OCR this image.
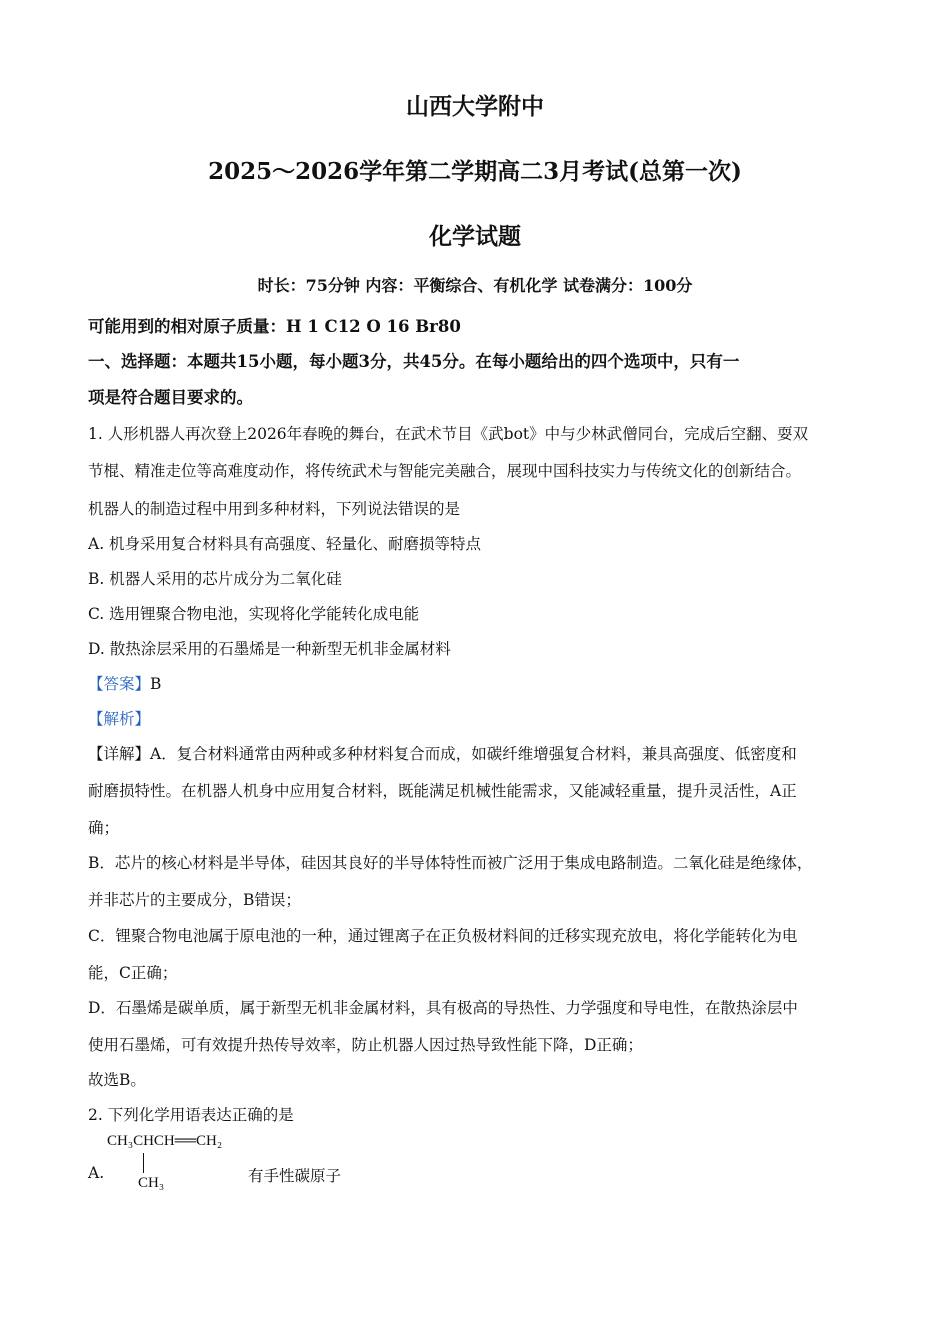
山西大学附中
2025～2026学年第二学期高二3月考试(总第一次)
化学试题
时长：75分钟 内容：平衡综合、有机化学 试卷满分：100分
可能用到的相对原子质量：H 1 C12 O 16 Br80
一、选择题：本题共15小题，每小题3分，共45分。在每小题给出的四个选项中，只有一
项是符合题目要求的。
1. 人形机器人再次登上2026年春晚的舞台，在武术节目《武bot》中与少林武僧同台，完成后空翻、耍双
节棍、精准走位等高难度动作，将传统武术与智能完美融合，展现中国科技实力与传统文化的创新结合。
机器人的制造过程中用到多种材料，下列说法错误的是
A. 机身采用复合材料具有高强度、轻量化、耐磨损等特点
B. 机器人采用的芯片成分为二氧化硅
C. 选用锂聚合物电池，实现将化学能转化成电能
D. 散热涂层采用的石墨烯是一种新型无机非金属材料
【答案】B
【解析】
【详解】A．复合材料通常由两种或多种材料复合而成，如碳纤维增强复合材料，兼具高强度、低密度和
耐磨损特性。在机器人机身中应用复合材料，既能满足机械性能需求，又能减轻重量，提升灵活性，A正
确；
B．芯片的核心材料是半导体，硅因其良好的半导体特性而被广泛用于集成电路制造。二氧化硅是绝缘体，
并非芯片的主要成分，B错误；
C．锂聚合物电池属于原电池的一种，通过锂离子在正负极材料间的迁移实现充放电，将化学能转化为电
能，C正确；
D．石墨烯是碳单质，属于新型无机非金属材料，具有极高的导热性、力学强度和导电性，在散热涂层中
使用石墨烯，可有效提升热传导效率，防止机器人因过热导致性能下降，D正确；
故选B。
2. 下列化学用语表达正确的是
CH₃CHCH══CH₂
CH₃
A.	有手性碳原子
